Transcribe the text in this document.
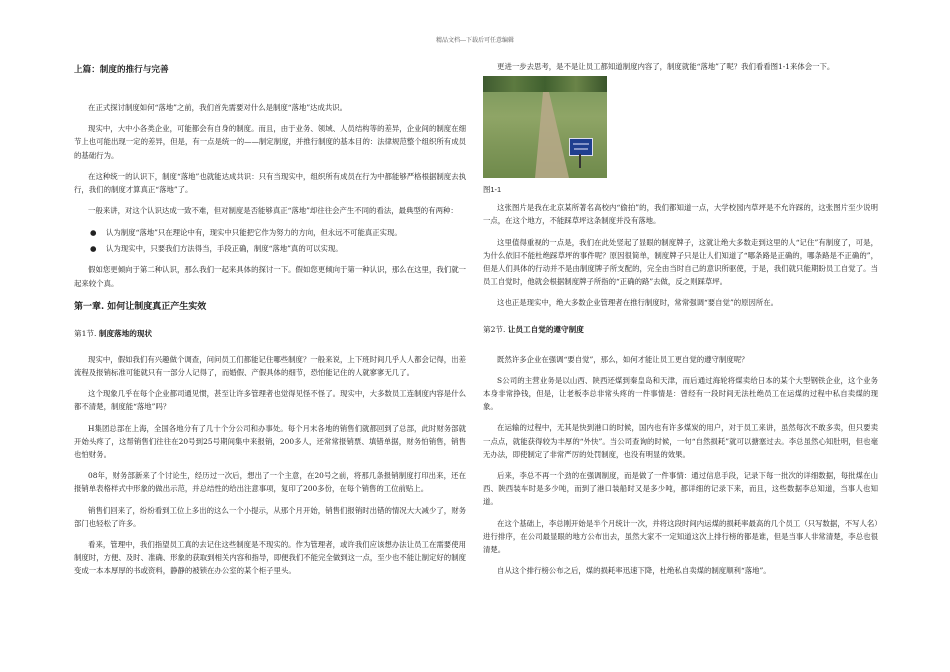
精品文档---下载后可任意编辑
上篇：制度的推行与完善

在正式探讨制度如何“落地”之前，我们首先需要对什么是制度“落地”达成共识。

现实中，大中小各类企业，可能都会有自身的制度。而且，由于业务、领域、人员结构等的差异，企业间的制度在细节上也可能出现一定的差异，但是，有一点是统一的——制定制度，并推行制度的基本目的：法律规范整个组织所有成员的基础行为。

在这种统一的认识下，制度“落地”也就能达成共识：只有当现实中，组织所有成员在行为中都能够严格根据制度去执行，我们的制度才算真正“落地”了。

一般来讲，对这个认识达成一致不难，但对制度是否能够真正“落地”却往往会产生不同的看法，最典型的有两种：

● 认为制度“落地”只在理论中有，现实中只能把它作为努力的方向，但永远不可能真正实现。
● 认为现实中，只要我们方法得当，手段正确，制度“落地”真的可以实现。

假如您更倾向于第二种认识，那么我们一起来具体的探讨一下。假如您更倾向于第一种认识，那么在这里，我们就一起来较个真。

第一章. 如何让制度真正产生实效
第1节. 制度落地的现状

现实中，假如我们有兴趣做个调查，问问员工们都能记住哪些制度？一般来说，上下班时间几乎人人都会记得，出差流程及报销标准可能就只有一部分人记得了，而婚假、产假具体的细节，恐怕能记住的人就寥寥无几了。

这个现象几乎在每个企业都司通见惯，甚至让许多管理者也觉得见怪不怪了。现实中，大多数员工连制度内容是什么都不清楚，制度能“落地”吗？

H集团总部在上海，全国各地分有了几十个分公司和办事处。每个月末各地的销售们就都回到了总部，此时财务部就开始头疼了，这帮销售们往往在20号到25号期间集中来报销，200多人，还常常报销票、填错单据，财务怕销售，销售也怕财务。

08年，财务部新来了个讨论生，经历过一次后，想出了一个主意，在20号之前，将那几条报销制度打印出来，还在报销单表格样式中形象的做出示范，并总结性的给出注意事项，复印了200多份，在每个销售的工位前贴上。

销售们回来了，纷纷看到工位上多出的这么一个小提示，从那个月开始，销售们报销时出错的情况大大减少了，财务部门也轻松了许多。

看来，管理中，我们指望员工真的去记住这些制度是不现实的。作为管理者，或许我们应该想办法让员工在需要使用制度时，方便、及时、准确、形象的获取到相关内容和指导，即便我们不能完全做到这一点，至少也不能让制定好的制度变成一本本厚厚的书或资料，静静的被锁在办公室的某个柜子里头。

更进一步去思考，是不是让员工都知道制度内容了，制度就能“落地”了呢？我们看看图1-1来体会一下。

图1-1

这张图片是我在北京某所著名高校内“偷拍”的，我们都知道一点，大学校园内草坪是不允许踩的，这张图片至少说明一点，在这个地方，不能踩草坪这条制度并没有落地。

这里值得重视的一点是，我们在此处竖起了显眼的制度牌子，这就让绝大多数走到这里的人“记住”有制度了，可是，为什么依旧不能杜绝踩草坪的事件呢？原因很简单，制度牌子只是让人们知道了“哪条路是正确的，哪条路是不正确的”，但是人们具体的行动并不是由制度牌子所支配的，完全由当时自己的意识所驱使，于是，我们就只能期盼员工自觉了。当员工自觉时，他就会根据制度牌子所指的“正确的路”去做，反之则踩草坪。

这也正是现实中，绝大多数企业管理者在推行制度时，常常强调“要自觉”的原因所在。

第2节. 让员工自觉的遵守制度

既然许多企业在强调“要自觉”，那么，如何才能让员工更自觉的遵守制度呢？

S公司的主营业务是以山西、陕西还煤到秦皇岛和天津，而后通过海轮将煤卖给日本的某个大型钢铁企业，这个业务本身非常挣钱，但是，让老板李总非常头疼的一件事情是：曾经有一段时间无法杜绝员工在运煤的过程中私自卖煤的现象。

在运输的过程中，无其是快到港口的时候，国内也有许多煤炭的用户，对于员工来讲，虽然每次不敢多卖，但只要卖一点点，就能获得较为丰厚的“外快”。当公司查询的时候，一句“自然损耗”就可以搪塞过去。李总虽然心知肚明，但也毫无办法，即使制定了非常严厉的处罚制度，也没有明显的效果。

后来，李总不再一个劲的在强调制度，而是做了一件事情：通过信息手段，记录下每一批次的详细数据，每批煤在山西、陕西装车时是多少吨，而到了港口装船时又是多少吨，都详细的记录下来，而且，这些数据李总知道，当事人也知道。

在这个基础上，李总刚开始是半个月统计一次，并将这段时间内运煤的损耗率最高的几个员工（只写数据，不写人名）进行排序，在公司最显眼的地方公布出去，虽然大家不一定知道这次上排行榜的都是谁，但是当事人非常清楚，李总也很清楚。

自从这个排行榜公布之后，煤的损耗率迅速下降，杜绝私自卖煤的制度顺利“落地”。
